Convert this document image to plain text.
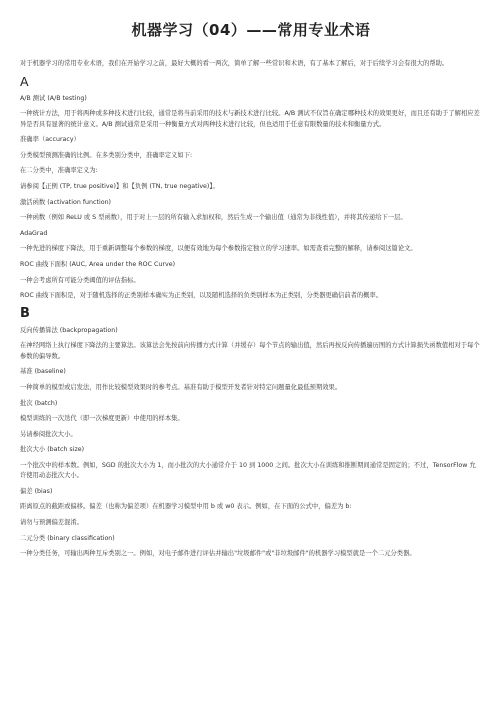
机器学习（04）——常用专业术语

对于机器学习的常用专业术语，我们在开始学习之前，最好大概的看一两次，简单了解一些常识和术语，有了基本了解后，对于后续学习会有很大的帮助。

A

A/B 测试 (A/B testing)

一种统计方法，用于将两种或多种技术进行比较，通常是将当前采用的技术与新技术进行比较。A/B 测试不仅旨在确定哪种技术的效果更好，而且还有助于了解相应差异是否具有显著的统计意义。A/B 测试通常是采用一种衡量方式对两种技术进行比较，但也适用于任意有限数量的技术和衡量方式。

准确率（accuracy）

分类模型预测准确的比例。在多类别分类中，准确率定义如下:

在二分类中，准确率定义为:

请参阅【正例 (TP, true positive)】和【负例 (TN, true negative)】。

激活函数 (activation function)

一种函数（例如 ReLU 或 S 型函数），用于对上一层的所有输入求加权和，然后生成一个输出值（通常为非线性值），并将其传递给下一层。

AdaGrad

一种先进的梯度下降法，用于重新调整每个参数的梯度，以便有效地为每个参数指定独立的学习速率。如需查看完整的解释，请参阅这篇论文。

ROC 曲线下面积 (AUC, Area under the ROC Curve)

一种会考虑所有可能分类阈值的评估指标。

ROC 曲线下面积是，对于随机选择的正类别样本确实为正类别，以及随机选择的负类别样本为正类别，分类器更确信前者的概率。

B

反向传播算法 (backpropagation)

在神经网络上执行梯度下降法的主要算法。该算法会先按前向传播方式计算（并缓存）每个节点的输出值，然后再按反向传播遍历图的方式计算损失函数值相对于每个参数的偏导数。

基准 (baseline)

一种简单的模型或启发法，用作比较模型效果时的参考点。基准有助于模型开发者针对特定问题量化最低预期效果。

批次 (batch)

模型训练的一次迭代（即一次梯度更新）中使用的样本集。

另请参阅批次大小。

批次大小 (batch size)

一个批次中的样本数。例如，SGD 的批次大小为 1，而小批次的大小通常介于 10 到 1000 之间。批次大小在训练和推断期间通常是固定的；不过，TensorFlow 允许使用动态批次大小。

偏差 (bias)

距离原点的截距或偏移。偏差（也称为偏差项）在机器学习模型中用 b 或 w0 表示。例如，在下面的公式中，偏差为 b:

请勿与预测偏差混淆。

二元分类 (binary classification)

一种分类任务，可输出两种互斥类别之一。例如，对电子邮件进行评估并输出"垃圾邮件"或"非垃圾邮件"的机器学习模型就是一个二元分类器。
